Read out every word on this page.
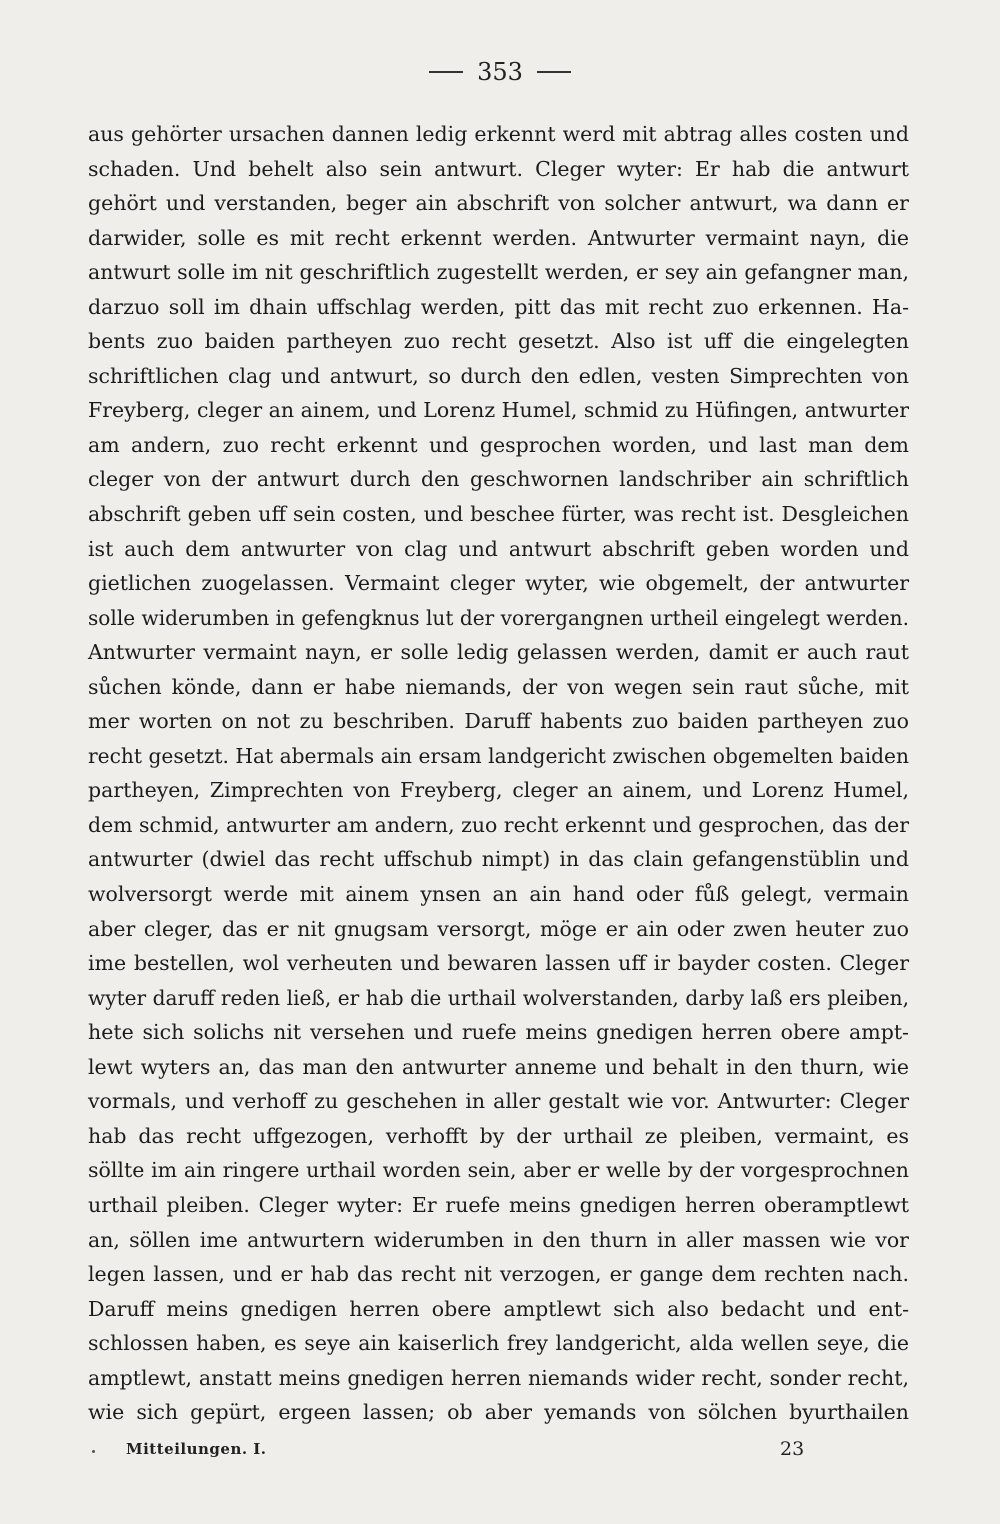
353
aus gehörter ursachen dannen ledig erkennt werd mit abtrag alles costen und
schaden. Und behelt also sein antwurt. Cleger wyter: Er hab die antwurt
gehört und verstanden, beger ain abschrift von solcher antwurt, wa dann er
darwider, solle es mit recht erkennt werden. Antwurter vermaint nayn, die
antwurt solle im nit geschriftlich zugestellt werden, er sey ain gefangner man,
darzuo soll im dhain uffschlag werden, pitt das mit recht zuo erkennen. Ha-
bents zuo baiden partheyen zuo recht gesetzt. Also ist uff die eingelegten
schriftlichen clag und antwurt, so durch den edlen, vesten Simprechten von
Freyberg, cleger an ainem, und Lorenz Humel, schmid zu Hüfingen, antwurter
am andern, zuo recht erkennt und gesprochen worden, und last man dem
cleger von der antwurt durch den geschwornen landschriber ain schriftlich
abschrift geben uff sein costen, und beschee fürter, was recht ist. Desgleichen
ist auch dem antwurter von clag und antwurt abschrift geben worden und
gietlichen zuogelassen. Vermaint cleger wyter, wie obgemelt, der antwurter
solle widerumben in gefengknus lut der vorergangnen urtheil eingelegt werden.
Antwurter vermaint nayn, er solle ledig gelassen werden, damit er auch raut
sůchen könde, dann er habe niemands, der von wegen sein raut sůche, mit
mer worten on not zu beschriben. Daruff habents zuo baiden partheyen zuo
recht gesetzt. Hat abermals ain ersam landgericht zwischen obgemelten baiden
partheyen, Zimprechten von Freyberg, cleger an ainem, und Lorenz Humel,
dem schmid, antwurter am andern, zuo recht erkennt und gesprochen, das der
antwurter (dwiel das recht uffschub nimpt) in das clain gefangenstüblin und
wolversorgt werde mit ainem ynsen an ain hand oder fůß gelegt, vermain
aber cleger, das er nit gnugsam versorgt, möge er ain oder zwen heuter zuo
ime bestellen, wol verheuten und bewaren lassen uff ir bayder costen. Cleger
wyter daruff reden ließ, er hab die urthail wolverstanden, darby laß ers pleiben,
hete sich solichs nit versehen und ruefe meins gnedigen herren obere ampt-
lewt wyters an, das man den antwurter anneme und behalt in den thurn, wie
vormals, und verhoff zu geschehen in aller gestalt wie vor. Antwurter: Cleger
hab das recht uffgezogen, verhofft by der urthail ze pleiben, vermaint, es
söllte im ain ringere urthail worden sein, aber er welle by der vorgesprochnen
urthail pleiben. Cleger wyter: Er ruefe meins gnedigen herren oberamptlewt
an, söllen ime antwurtern widerumben in den thurn in aller massen wie vor
legen lassen, und er hab das recht nit verzogen, er gange dem rechten nach.
Daruff meins gnedigen herren obere amptlewt sich also bedacht und ent-
schlossen haben, es seye ain kaiserlich frey landgericht, alda wellen seye, die
amptlewt, anstatt meins gnedigen herren niemands wider recht, sonder recht,
wie sich gepürt, ergeen lassen; ob aber yemands von sölchen byurthailen
Mitteilungen. I.	23
